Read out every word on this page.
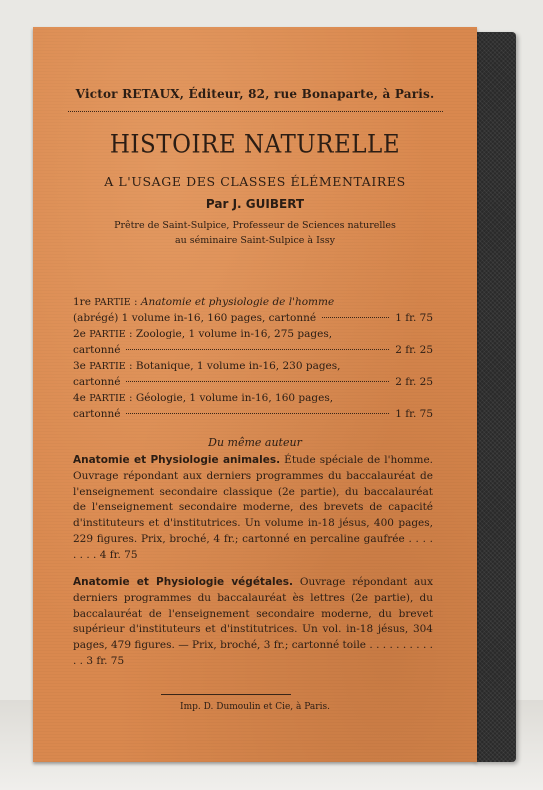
Victor RETAUX, Éditeur, 82, rue Bonaparte, à Paris.
HISTOIRE NATURELLE
A L'USAGE DES CLASSES ÉLÉMENTAIRES
Par J. GUIBERT
Prêtre de Saint-Sulpice, Professeur de Sciences naturelles
au séminaire Saint-Sulpice à Issy
1re PARTIE : Anatomie et physiologie de l'homme
(abrégé) 1 volume in-16, 160 pages, cartonné	1 fr. 75
2e PARTIE : Zoologie, 1 volume in-16, 275 pages,
cartonné	2 fr. 25
3e PARTIE : Botanique, 1 volume in-16, 230 pages,
cartonné	2 fr. 25
4e PARTIE : Géologie, 1 volume in-16, 160 pages,
cartonné	1 fr. 75
Du même auteur
Anatomie et Physiologie animales. Étude spéciale de l'homme. Ouvrage répondant aux derniers programmes du baccalauréat de l'enseignement secondaire classique (2e partie), du baccalauréat de l'enseignement secondaire moderne, des brevets de capacité d'instituteurs et d'institutrices. Un volume in-18 jésus, 400 pages, 229 figures. Prix, broché, 4 fr.; cartonné en percaline gaufrée . . . . . . . . 4 fr. 75
Anatomie et Physiologie végétales. Ouvrage répondant aux derniers programmes du baccalauréat ès lettres (2e partie), du baccalauréat de l'enseignement secondaire moderne, du brevet supérieur d'instituteurs et d'institutrices. Un vol. in-18 jésus, 304 pages, 479 figures. — Prix, broché, 3 fr.; cartonné toile . . . . . . . . . . . . 3 fr. 75
Imp. D. Dumoulin et Cie, à Paris.
